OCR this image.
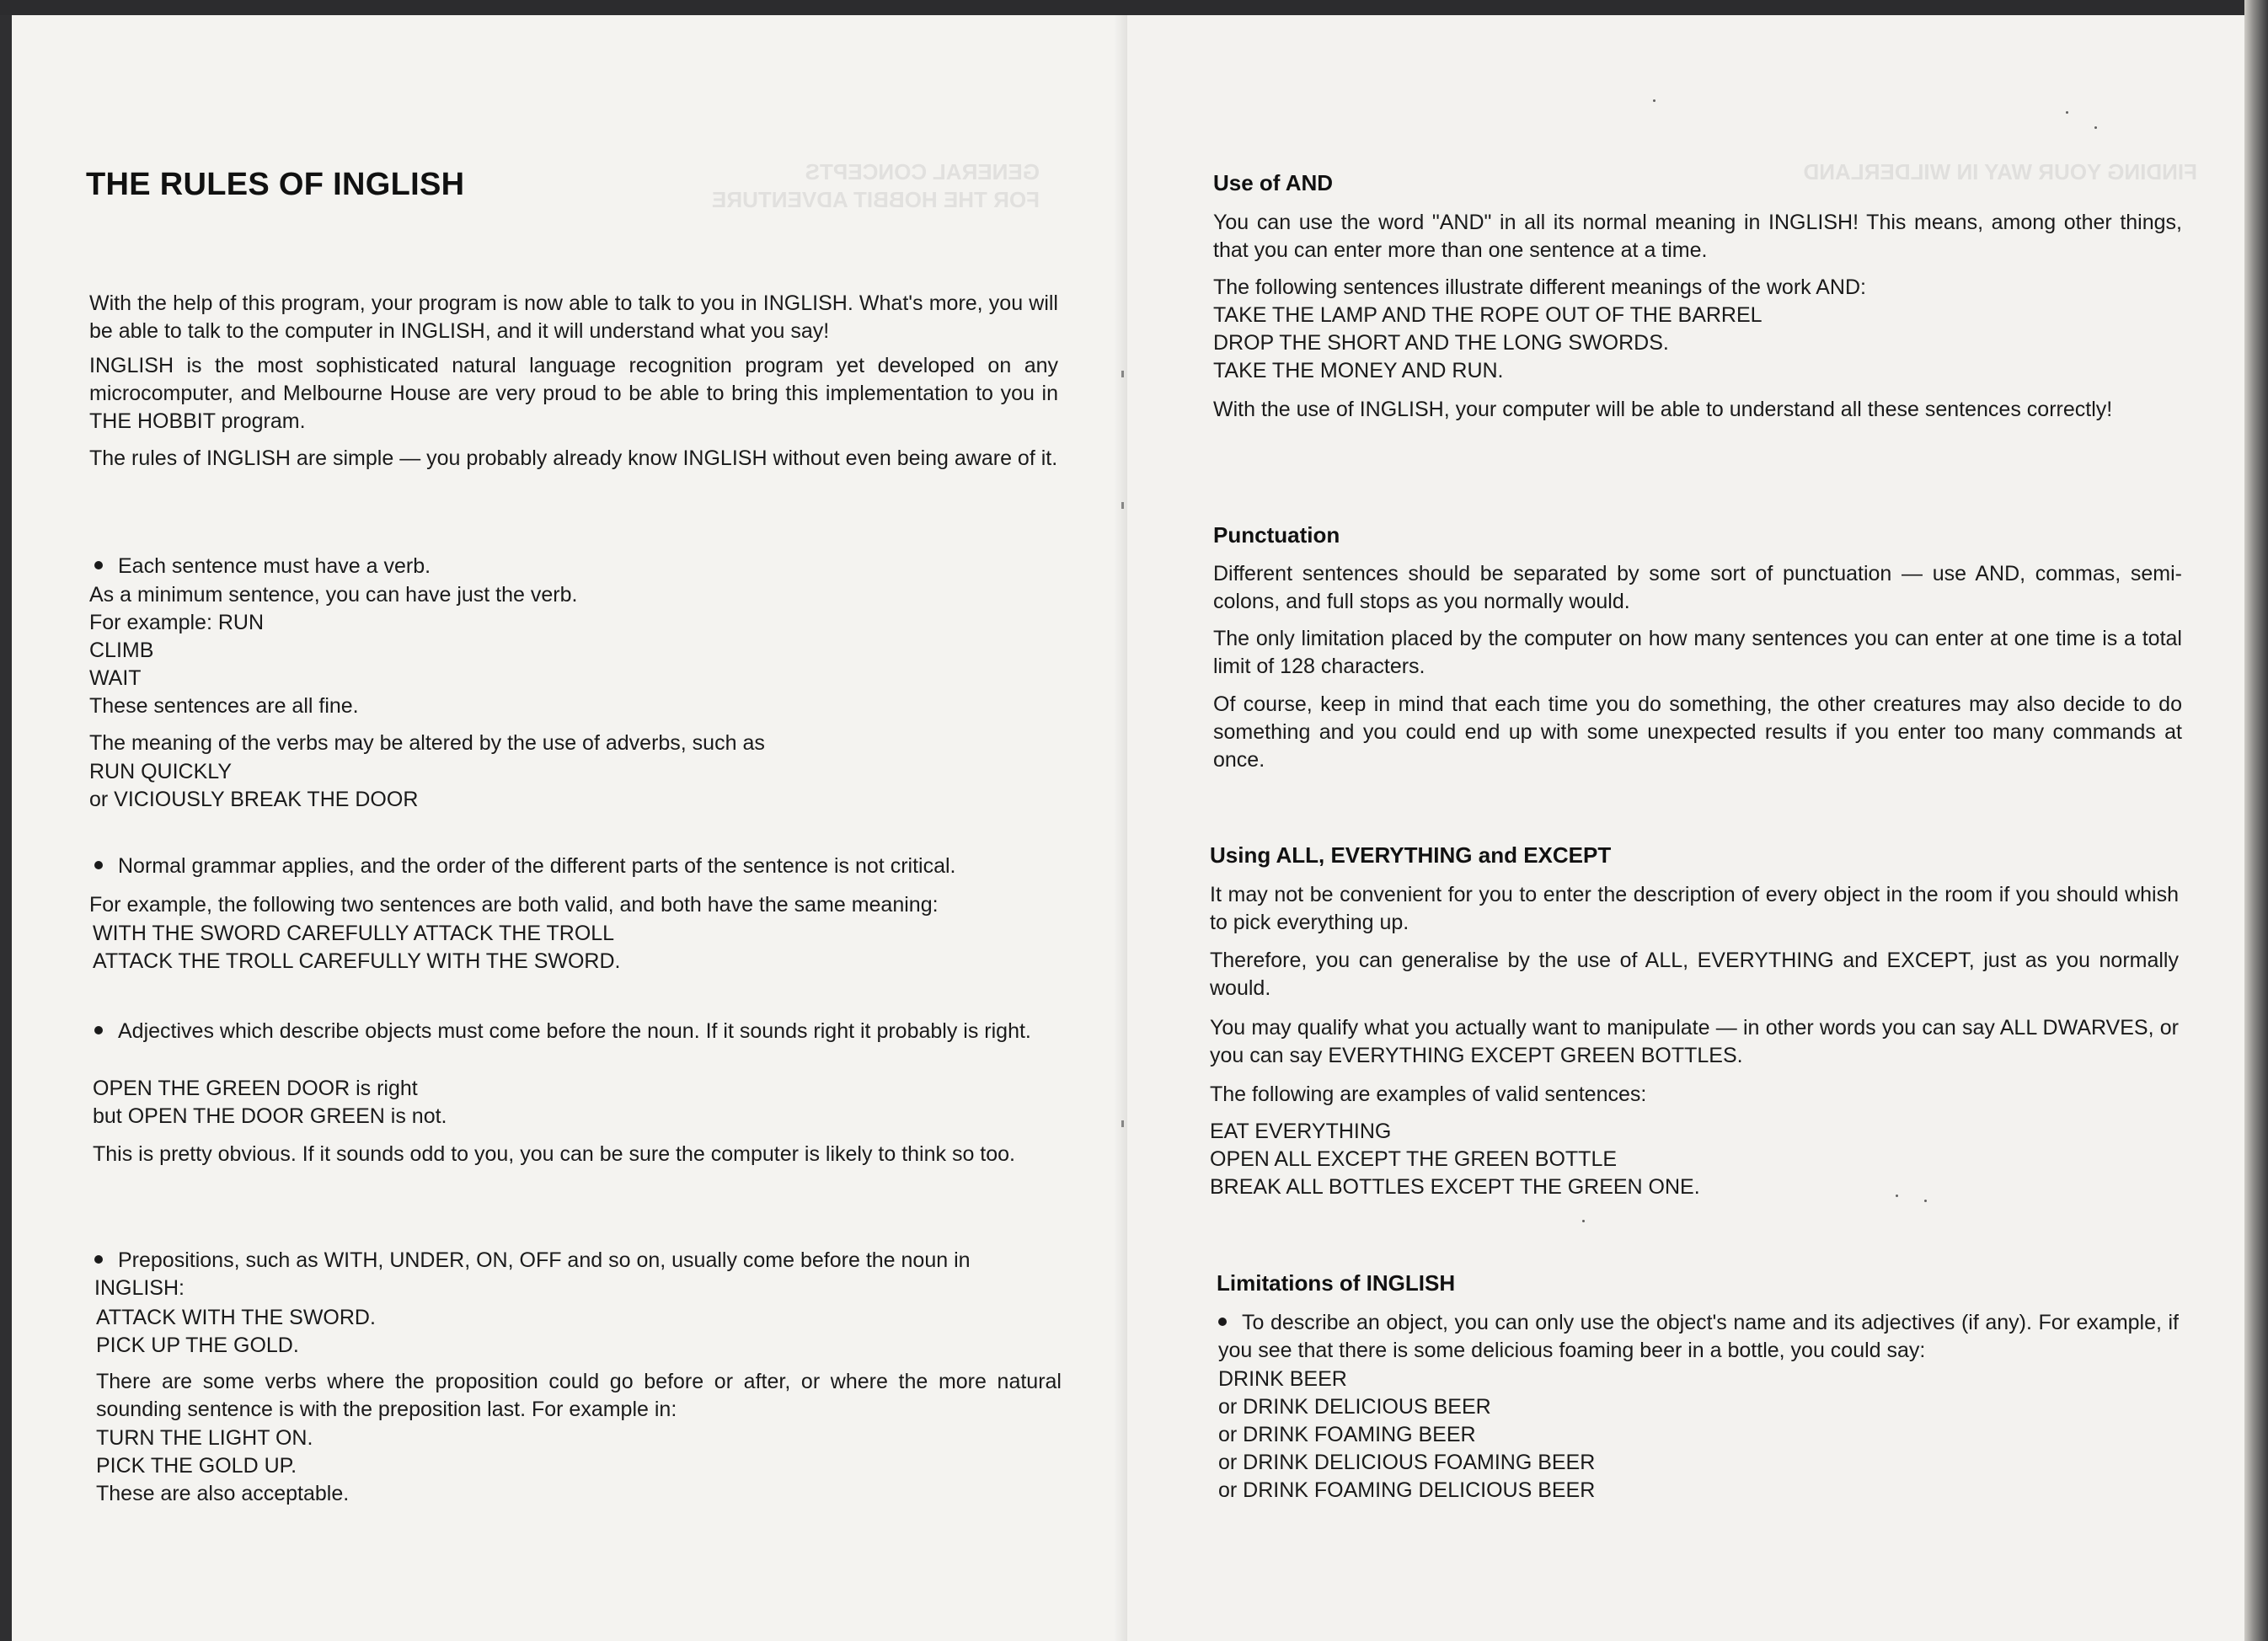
GENERAL CONCEPTS
FOR THE HOBBIT ADVENTURE
THE RULES OF INGLISH
With the help of this program, your program is now able to talk to you in INGLISH. What's more, you will be able to talk to the computer in INGLISH, and it will understand what you say!
INGLISH is the most sophisticated natural language recognition program yet developed on any microcomputer, and Melbourne House are very proud to be able to bring this implementation to you in THE HOBBIT program.
The rules of INGLISH are simple — you probably already know INGLISH without even being aware of it.
Each sentence must have a verb.
As a minimum sentence, you can have just the verb.
For example: RUN
CLIMB
WAIT
These sentences are all fine.
The meaning of the verbs may be altered by the use of adverbs, such as
RUN QUICKLY
or VICIOUSLY BREAK THE DOOR
Normal grammar applies, and the order of the different parts of the sentence is not critical.
For example, the following two sentences are both valid, and both have the same meaning:
WITH THE SWORD CAREFULLY ATTACK THE TROLL
ATTACK THE TROLL CAREFULLY WITH THE SWORD.
Adjectives which describe objects must come before the noun. If it sounds right it probably is right.
OPEN THE GREEN DOOR is right
but OPEN THE DOOR GREEN is not.
This is pretty obvious. If it sounds odd to you, you can be sure the computer is likely to think so too.
Prepositions, such as WITH, UNDER, ON, OFF and so on, usually come before the noun in INGLISH:
ATTACK WITH THE SWORD.
PICK UP THE GOLD.
There are some verbs where the proposition could go before or after, or where the more natural sounding sentence is with the preposition last. For example in:
TURN THE LIGHT ON.
PICK THE GOLD UP.
These are also acceptable.
FINDING YOUR WAY IN WILDERLAND
Use of AND
You can use the word "AND" in all its normal meaning in INGLISH! This means, among other things, that you can enter more than one sentence at a time.
The following sentences illustrate different meanings of the work AND:
TAKE THE LAMP AND THE ROPE OUT OF THE BARREL
DROP THE SHORT AND THE LONG SWORDS.
TAKE THE MONEY AND RUN.
With the use of INGLISH, your computer will be able to understand all these sentences correctly!
Punctuation
Different sentences should be separated by some sort of punctuation — use AND, commas, semi-colons, and full stops as you normally would.
The only limitation placed by the computer on how many sentences you can enter at one time is a total limit of 128 characters.
Of course, keep in mind that each time you do something, the other creatures may also decide to do something and you could end up with some unexpected results if you enter too many commands at once.
Using ALL, EVERYTHING and EXCEPT
It may not be convenient for you to enter the description of every object in the room if you should whish to pick everything up.
Therefore, you can generalise by the use of ALL, EVERYTHING and EXCEPT, just as you normally would.
You may qualify what you actually want to manipulate — in other words you can say ALL DWARVES, or you can say EVERYTHING EXCEPT GREEN BOTTLES.
The following are examples of valid sentences:
EAT EVERYTHING
OPEN ALL EXCEPT THE GREEN BOTTLE
BREAK ALL BOTTLES EXCEPT THE GREEN ONE.
Limitations of INGLISH
To describe an object, you can only use the object's name and its adjectives (if any). For example, if you see that there is some delicious foaming beer in a bottle, you could say:
DRINK BEER
or DRINK DELICIOUS BEER
or DRINK FOAMING BEER
or DRINK DELICIOUS FOAMING BEER
or DRINK FOAMING DELICIOUS BEER
